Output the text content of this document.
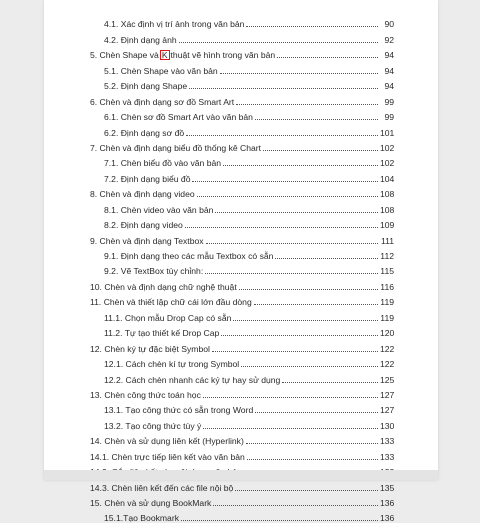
4.1. Xác định vị trí ảnh trong văn bản	90
4.2. Định dạng ảnh	92
5. Chèn Shape và K thuật vẽ hình trong văn bản	94
5.1. Chèn Shape vào văn bản	94
5.2. Định dạng Shape	94
6. Chèn và định dạng sơ đồ Smart Art	99
6.1. Chèn sơ đồ Smart Art vào văn bản	99
6.2. Định dạng sơ đồ	101
7. Chèn và định dạng biểu đồ thống kê Chart	102
7.1. Chèn biểu đồ vào văn bản	102
7.2. Định dạng biểu đồ	104
8. Chèn và định dạng video	108
8.1. Chèn video vào văn bản	108
8.2. Định dạng video	109
9. Chèn và định dạng Textbox	111
9.1. Định dạng theo các mẫu Textbox có sẵn	112
9.2. Vẽ TextBox tùy chỉnh:	115
10. Chèn và định dạng chữ nghệ thuật	116
11. Chèn và thiết lập chữ cái lớn đầu dòng	119
11.1. Chọn mẫu Drop Cap có sẵn	119
11.2. Tự tạo thiết kế Drop Cap	120
12. Chèn ký tự đặc biệt Symbol	122
12.1. Cách chèn kí tự trong Symbol	122
12.2. Cách chèn nhanh các ký tự hay sử dụng	125
13. Chèn công thức toán học	127
13.1. Tạo công thức có sẵn trong Word	127
13.2. Tạo công thức tùy ý	130
14. Chèn và sử dụng liên kết (Hyperlink)	133
14.1. Chèn trực tiếp liên kết vào văn bản	133
14.3. Chèn liên kết đến các file nội bộ	135
15. Chèn và sử dụng BookMark	136
15.1.Tạo Bookmark	136
